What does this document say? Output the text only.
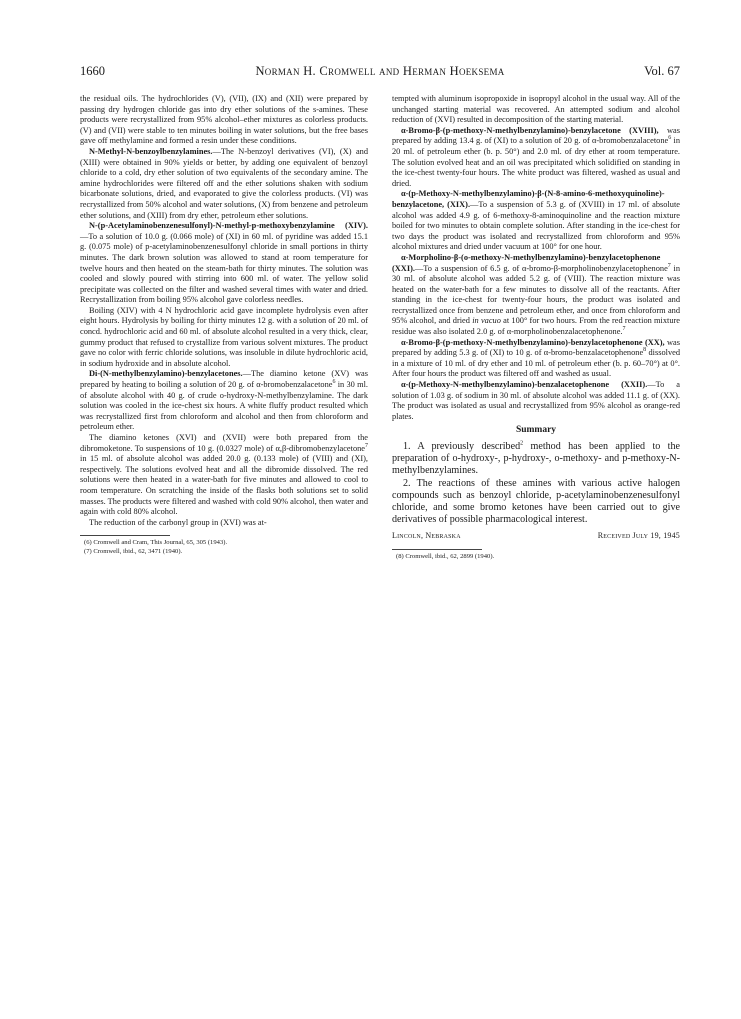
1660	Norman H. Cromwell and Herman Hoeksema	Vol. 67

the residual oils. The hydrochlorides (V), (VII), (IX) and (XII) were prepared by passing dry hydrogen chloride gas into dry ether solutions of the s-amines. These products were recrystallized from 95% alcohol–ether mixtures as colorless products. (V) and (VII) were stable to ten minutes boiling in water solutions, but the free bases gave off methylamine and formed a resin under these conditions.

N-Methyl-N-benzoylbenzylamines.—The N-benzoyl derivatives (VI), (X) and (XIII) were obtained in 90% yields or better, by adding one equivalent of benzoyl chloride to a cold, dry ether solution of two equivalents of the secondary amine. The amine hydrochlorides were filtered off and the ether solutions shaken with sodium bicarbonate solutions, dried, and evaporated to give the colorless products. (VI) was recrystallized from 50% alcohol and water solutions, (X) from benzene and petroleum ether solutions, and (XIII) from dry ether, petroleum ether solutions.

N-(p-Acetylaminobenzenesulfonyl)-N-methyl-p-methoxybenzylamine (XIV).—To a solution of 10.0 g. (0.066 mole) of (XI) in 60 ml. of pyridine was added 15.1 g. (0.075 mole) of p-acetylaminobenzenesulfonyl chloride in small portions in thirty minutes. The dark brown solution was allowed to stand at room temperature for twelve hours and then heated on the steam-bath for thirty minutes. The solution was cooled and slowly poured with stirring into 600 ml. of water. The yellow solid precipitate was collected on the filter and washed several times with water and dried. Recrystallization from boiling 95% alcohol gave colorless needles.

Boiling (XIV) with 4 N hydrochloric acid gave incomplete hydrolysis even after eight hours. Hydrolysis by boiling for thirty minutes 12 g. with a solution of 20 ml. of concd. hydrochloric acid and 60 ml. of absolute alcohol resulted in a very thick, clear, gummy product that refused to crystallize from various solvent mixtures. The product gave no color with ferric chloride solutions, was insoluble in dilute hydrochloric acid, in sodium hydroxide and in absolute alcohol.

Di-(N-methylbenzylamino)-benzylacetones.—The diamino ketone (XV) was prepared by heating to boiling a solution of 20 g. of α-bromobenzalacetone$^6$ in 30 ml. of absolute alcohol with 40 g. of crude o-hydroxy-N-methylbenzylamine. The dark solution was cooled in the ice-chest six hours. A white fluffy product resulted which was recrystallized first from chloroform and alcohol and then from chloroform and petroleum ether.

The diamino ketones (XVI) and (XVII) were both prepared from the dibromoketone. To suspensions of 10 g. (0.0327 mole) of α,β-dibromobenzylacetone$^7$ in 15 ml. of absolute alcohol was added 20.0 g. (0.133 mole) of (VIII) and (XI), respectively. The solutions evolved heat and all the dibromide dissolved. The red solutions were then heated in a water-bath for five minutes and allowed to cool to room temperature. On scratching the inside of the flasks both solutions set to solid masses. The products were filtered and washed with cold 90% alcohol, then water and again with cold 80% alcohol.

The reduction of the carbonyl group in (XVI) was at-

(6) Cromwell and Cram, This Journal, 65, 305 (1943).
(7) Cromwell, ibid., 62, 3471 (1940).

tempted with aluminum isopropoxide in isopropyl alcohol in the usual way. All of the unchanged starting material was recovered. An attempted sodium and alcohol reduction of (XVI) resulted in decomposition of the starting material.

α-Bromo-β-(p-methoxy-N-methylbenzylamino)-benzylacetone (XVIII), was prepared by adding 13.4 g. of (XI) to a solution of 20 g. of α-bromobenzalacetone$^6$ in 20 ml. of petroleum ether (b. p. 50°) and 2.0 ml. of dry ether at room temperature. The solution evolved heat and an oil was precipitated which solidified on standing in the ice-chest twenty-four hours. The white product was filtered, washed as usual and dried.

α-(p-Methoxy-N-methylbenzylamino)-β-(N-8-amino-6-methoxyquinoline)-benzylacetone, (XIX).—To a suspension of 5.3 g. of (XVIII) in 17 ml. of absolute alcohol was added 4.9 g. of 6-methoxy-8-aminoquinoline and the reaction mixture boiled for two minutes to obtain complete solution. After standing in the ice-chest for two days the product was isolated and recrystallized from chloroform and 95% alcohol mixtures and dried under vacuum at 100° for one hour.

α-Morpholino-β-(o-methoxy-N-methylbenzylamino)-benzylacetophenone (XXI).—To a suspension of 6.5 g. of α-bromo-β-morpholinobenzylacetophenone$^7$ in 30 ml. of absolute alcohol was added 5.2 g. of (VIII). The reaction mixture was heated on the water-bath for a few minutes to dissolve all of the reactants. After standing in the ice-chest for twenty-four hours, the product was isolated and recrystallized once from benzene and petroleum ether, and once from chloroform and 95% alcohol, and dried in vacuo at 100° for two hours. From the red reaction mixture residue was also isolated 2.0 g. of α-morpholinobenzalacetophenone.$^7$

α-Bromo-β-(p-methoxy-N-methylbenzylamino)-benzylacetophenone (XX), was prepared by adding 5.3 g. of (XI) to 10 g. of α-bromo-benzalacetophenone$^8$ dissolved in a mixture of 10 ml. of dry ether and 10 ml. of petroleum ether (b. p. 60–70°) at 0°. After four hours the product was filtered off and washed as usual.

α-(p-Methoxy-N-methylbenzylamino)-benzalacetophenone (XXII).—To a solution of 1.03 g. of sodium in 30 ml. of absolute alcohol was added 11.1 g. of (XX). The product was isolated as usual and recrystallized from 95% alcohol as orange-red plates.

Summary

1. A previously described$^2$ method has been applied to the preparation of o-hydroxy-, p-hydroxy-, o-methoxy- and p-methoxy-N-methylbenzylamines.

2. The reactions of these amines with various active halogen compounds such as benzoyl chloride, p-acetylaminobenzenesulfonyl chloride, and some bromo ketones have been carried out to give derivatives of possible pharmacological interest.

Lincoln, Nebraska	Received July 19, 1945
(8) Cromwell, ibid., 62, 2899 (1940).
